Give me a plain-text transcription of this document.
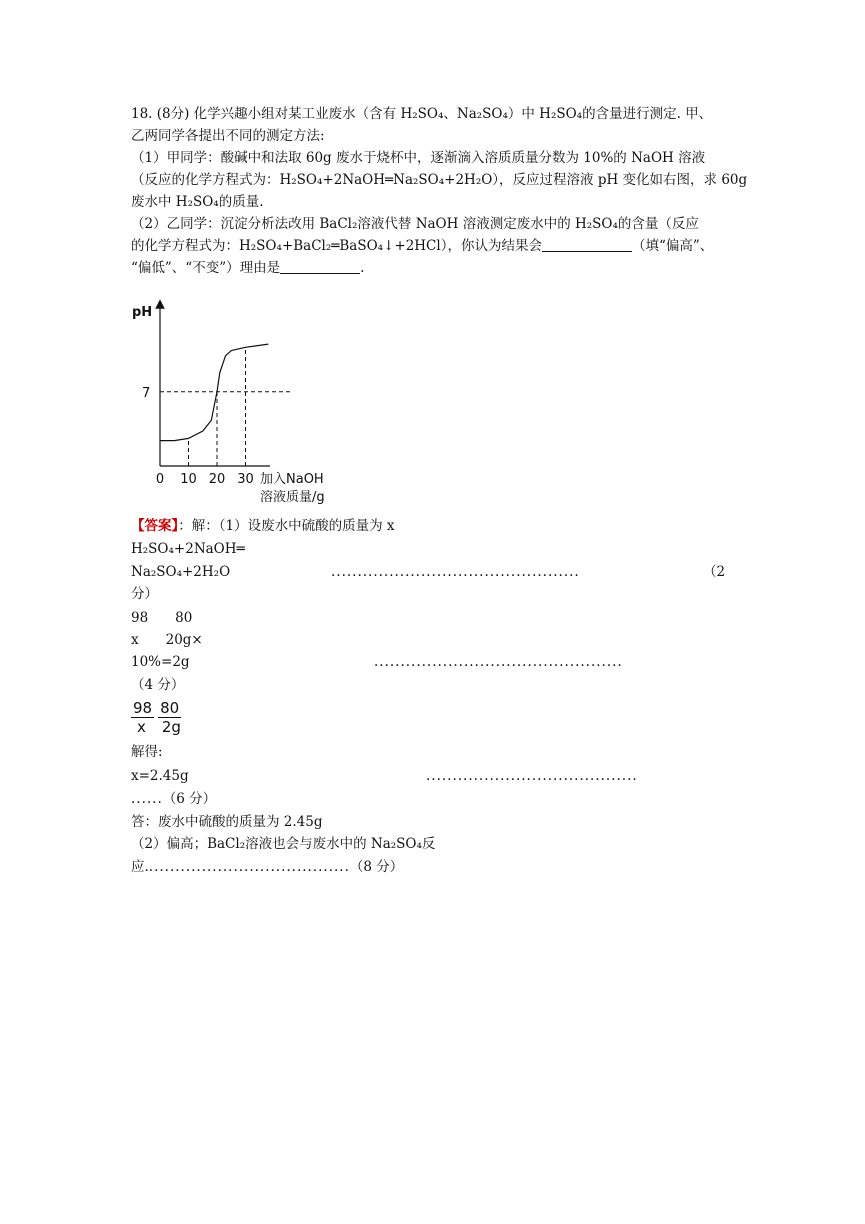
18. (8分) 化学兴趣小组对某工业废水（含有 H₂SO₄、Na₂SO₄）中 H₂SO₄的含量进行测定. 甲、
乙两同学各提出不同的测定方法:
（1）甲同学：酸碱中和法取 60g 废水于烧杯中，逐渐滴入溶质质量分数为 10%的 NaOH 溶液
（反应的化学方程式为：H₂SO₄+2NaOH═Na₂SO₄+2H₂O），反应过程溶液 pH 变化如右图，求 60g
废水中 H₂SO₄的质量.
（2）乙同学：沉淀分析法改用 BaCl₂溶液代替 NaOH 溶液测定废水中的 H₂SO₄的含量（反应
的化学方程式为：H₂SO₄+BaCl₂═BaSO₄↓+2HCl），你认为结果会	（填“偏高”、
“偏低”、“不变”）理由是	.
pH
7
0 10 20 30 加入NaOH
溶液质量/g
【答案】：解：（1）设废水中硫酸的质量为 x
H₂SO₄+2NaOH═
Na₂SO₄+2H₂O	...............................................	（2
分）
98　　80
x　　20g×
10%=2g	...............................................
（4 分）
98 80
x 2g
解得:
x=2.45g	........................................
......（6 分）
答：废水中硫酸的质量为 2.45g
（2）偏高；BaCl₂溶液也会与废水中的 Na₂SO₄反
应.......................................（8 分）
